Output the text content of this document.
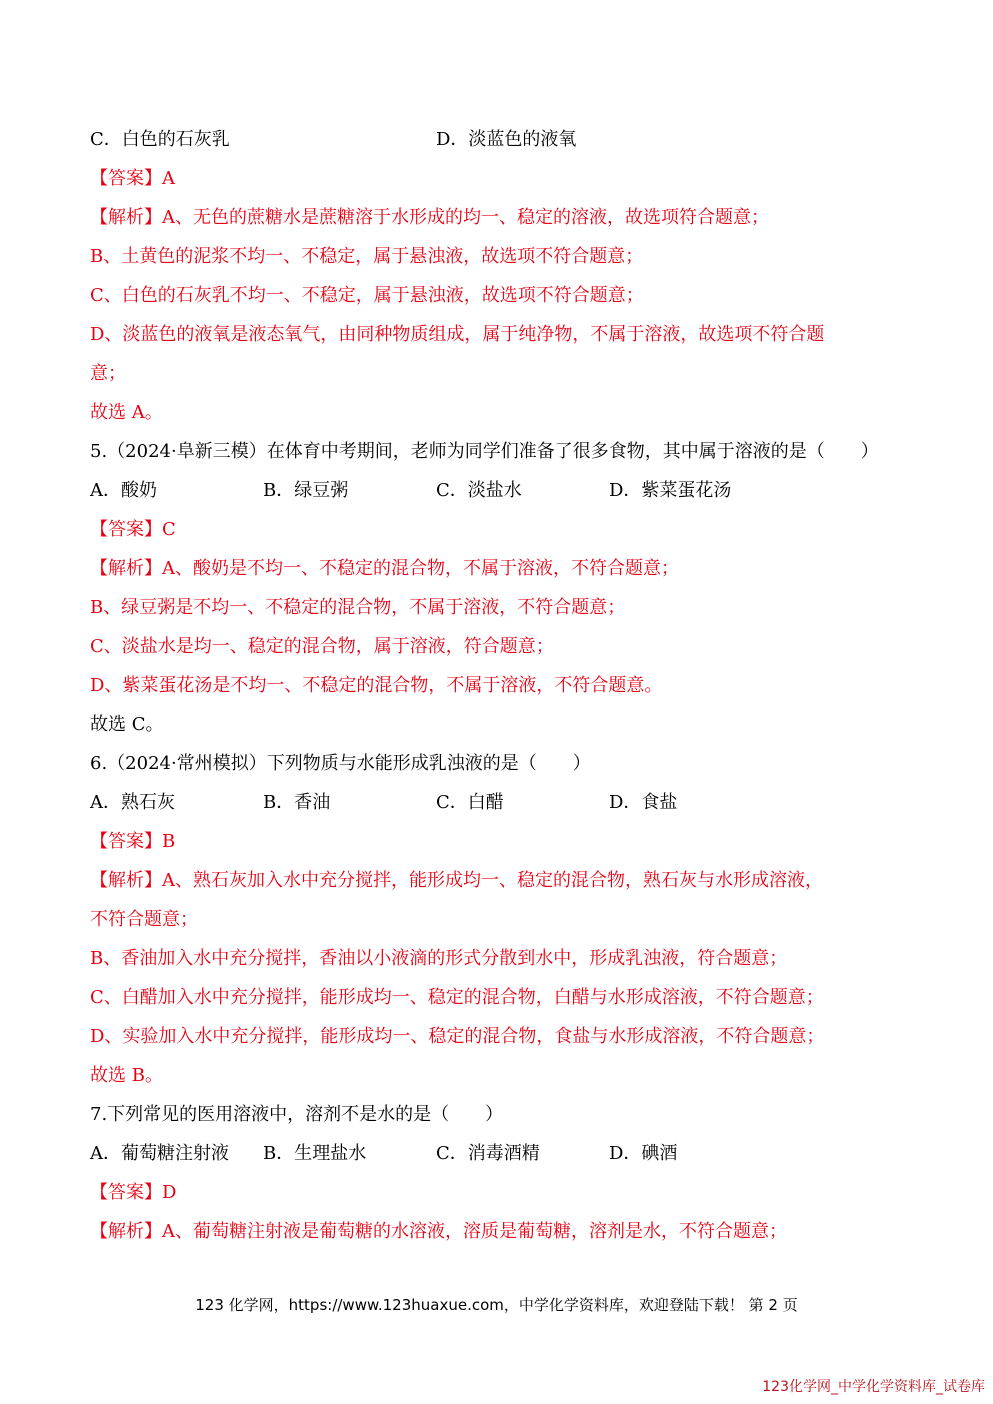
C．白色的石灰乳	D．淡蓝色的液氧
【答案】A
【解析】A、无色的蔗糖水是蔗糖溶于水形成的均一、稳定的溶液，故选项符合题意；
B、土黄色的泥浆不均一、不稳定，属于悬浊液，故选项不符合题意；
C、白色的石灰乳不均一、不稳定，属于悬浊液，故选项不符合题意；
D、淡蓝色的液氧是液态氧气，由同种物质组成，属于纯净物，不属于溶液，故选项不符合题
意；
故选 A。
5.（2024·阜新三模）在体育中考期间，老师为同学们准备了很多食物，其中属于溶液的是（　　）
A．酸奶	B．绿豆粥	C．淡盐水	D．紫菜蛋花汤
【答案】C
【解析】A、酸奶是不均一、不稳定的混合物，不属于溶液，不符合题意；
B、绿豆粥是不均一、不稳定的混合物，不属于溶液，不符合题意；
C、淡盐水是均一、稳定的混合物，属于溶液，符合题意；
D、紫菜蛋花汤是不均一、不稳定的混合物，不属于溶液，不符合题意。
故选 C。
6.（2024·常州模拟）下列物质与水能形成乳浊液的是（　　）
A．熟石灰	B．香油	C．白醋	D．食盐
【答案】B
【解析】A、熟石灰加入水中充分搅拌，能形成均一、稳定的混合物，熟石灰与水形成溶液，
不符合题意；
B、香油加入水中充分搅拌，香油以小液滴的形式分散到水中，形成乳浊液，符合题意；
C、白醋加入水中充分搅拌，能形成均一、稳定的混合物，白醋与水形成溶液，不符合题意；
D、实验加入水中充分搅拌，能形成均一、稳定的混合物，食盐与水形成溶液，不符合题意；
故选 B。
7.下列常见的医用溶液中，溶剂不是水的是（　　）
A．葡萄糖注射液 B．生理盐水	C．消毒酒精	D．碘酒
【答案】D
【解析】A、葡萄糖注射液是葡萄糖的水溶液，溶质是葡萄糖，溶剂是水，不符合题意；
123 化学网，https://www.123huaxue.com，中学化学资料库，欢迎登陆下载！ 第 2 页
123化学网_中学化学资料库_试卷库
